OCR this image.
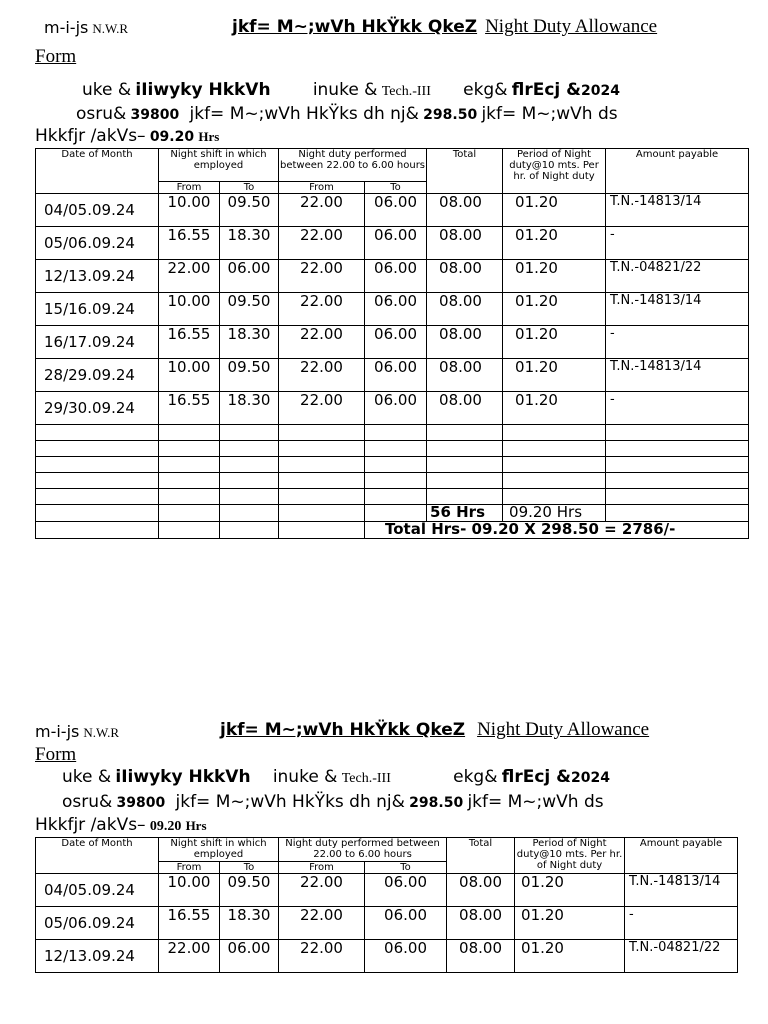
m-i-js N.W.R	jkf= M~;wVh HkŸkk QkeZ Night Duty Allowance
Form
uke & iIiwyky HkkVh inuke & Tech.-III ekg& flrEcj &2024
osru& 39800 jkf= M~;wVh HkŸks dh nj& 298.50 jkf= M~;wVh ds
Hkkfjr /akVs– 09.20 Hrs
Date of Month	Night shift in which employed		Night duty performed between 22.00 to 6.00 hours		Total	Period of Night duty@10 mts. Per hr. of Night duty	Amount payable
	From	To	From	To			
04/05.09.24	10.00	09.50	22.00	06.00	08.00	01.20	T.N.-14813/14
05/06.09.24	16.55	18.30	22.00	06.00	08.00	01.20	-
12/13.09.24	22.00	06.00	22.00	06.00	08.00	01.20	T.N.-04821/22
15/16.09.24	10.00	09.50	22.00	06.00	08.00	01.20	T.N.-14813/14
16/17.09.24	16.55	18.30	22.00	06.00	08.00	01.20	-
28/29.09.24	10.00	09.50	22.00	06.00	08.00	01.20	T.N.-14813/14
29/30.09.24	16.55	18.30	22.00	06.00	08.00	01.20	-

					56 Hrs	09.20 Hrs	
				Total Hrs- 09.20 X 298.50 = 2786/-			
m-i-js N.W.R	jkf= M~;wVh HkŸkk QkeZ Night Duty Allowance
Form
uke & iIiwyky HkkVh inuke & Tech.-III	ekg& flrEcj &2024
osru& 39800 jkf= M~;wVh HkŸks dh nj& 298.50 jkf= M~;wVh ds
Hkkfjr /akVs– 09.20 Hrs
Date of Month	Night shift in which employed		Night duty performed between 22.00 to 6.00 hours		Total	Period of Night duty@10 mts. Per hr. of Night duty	Amount payable
	From	To	From	To			
04/05.09.24	10.00	09.50	22.00	06.00	08.00	01.20	T.N.-14813/14
05/06.09.24	16.55	18.30	22.00	06.00	08.00	01.20	-
12/13.09.24	22.00	06.00	22.00	06.00	08.00	01.20	T.N.-04821/22
